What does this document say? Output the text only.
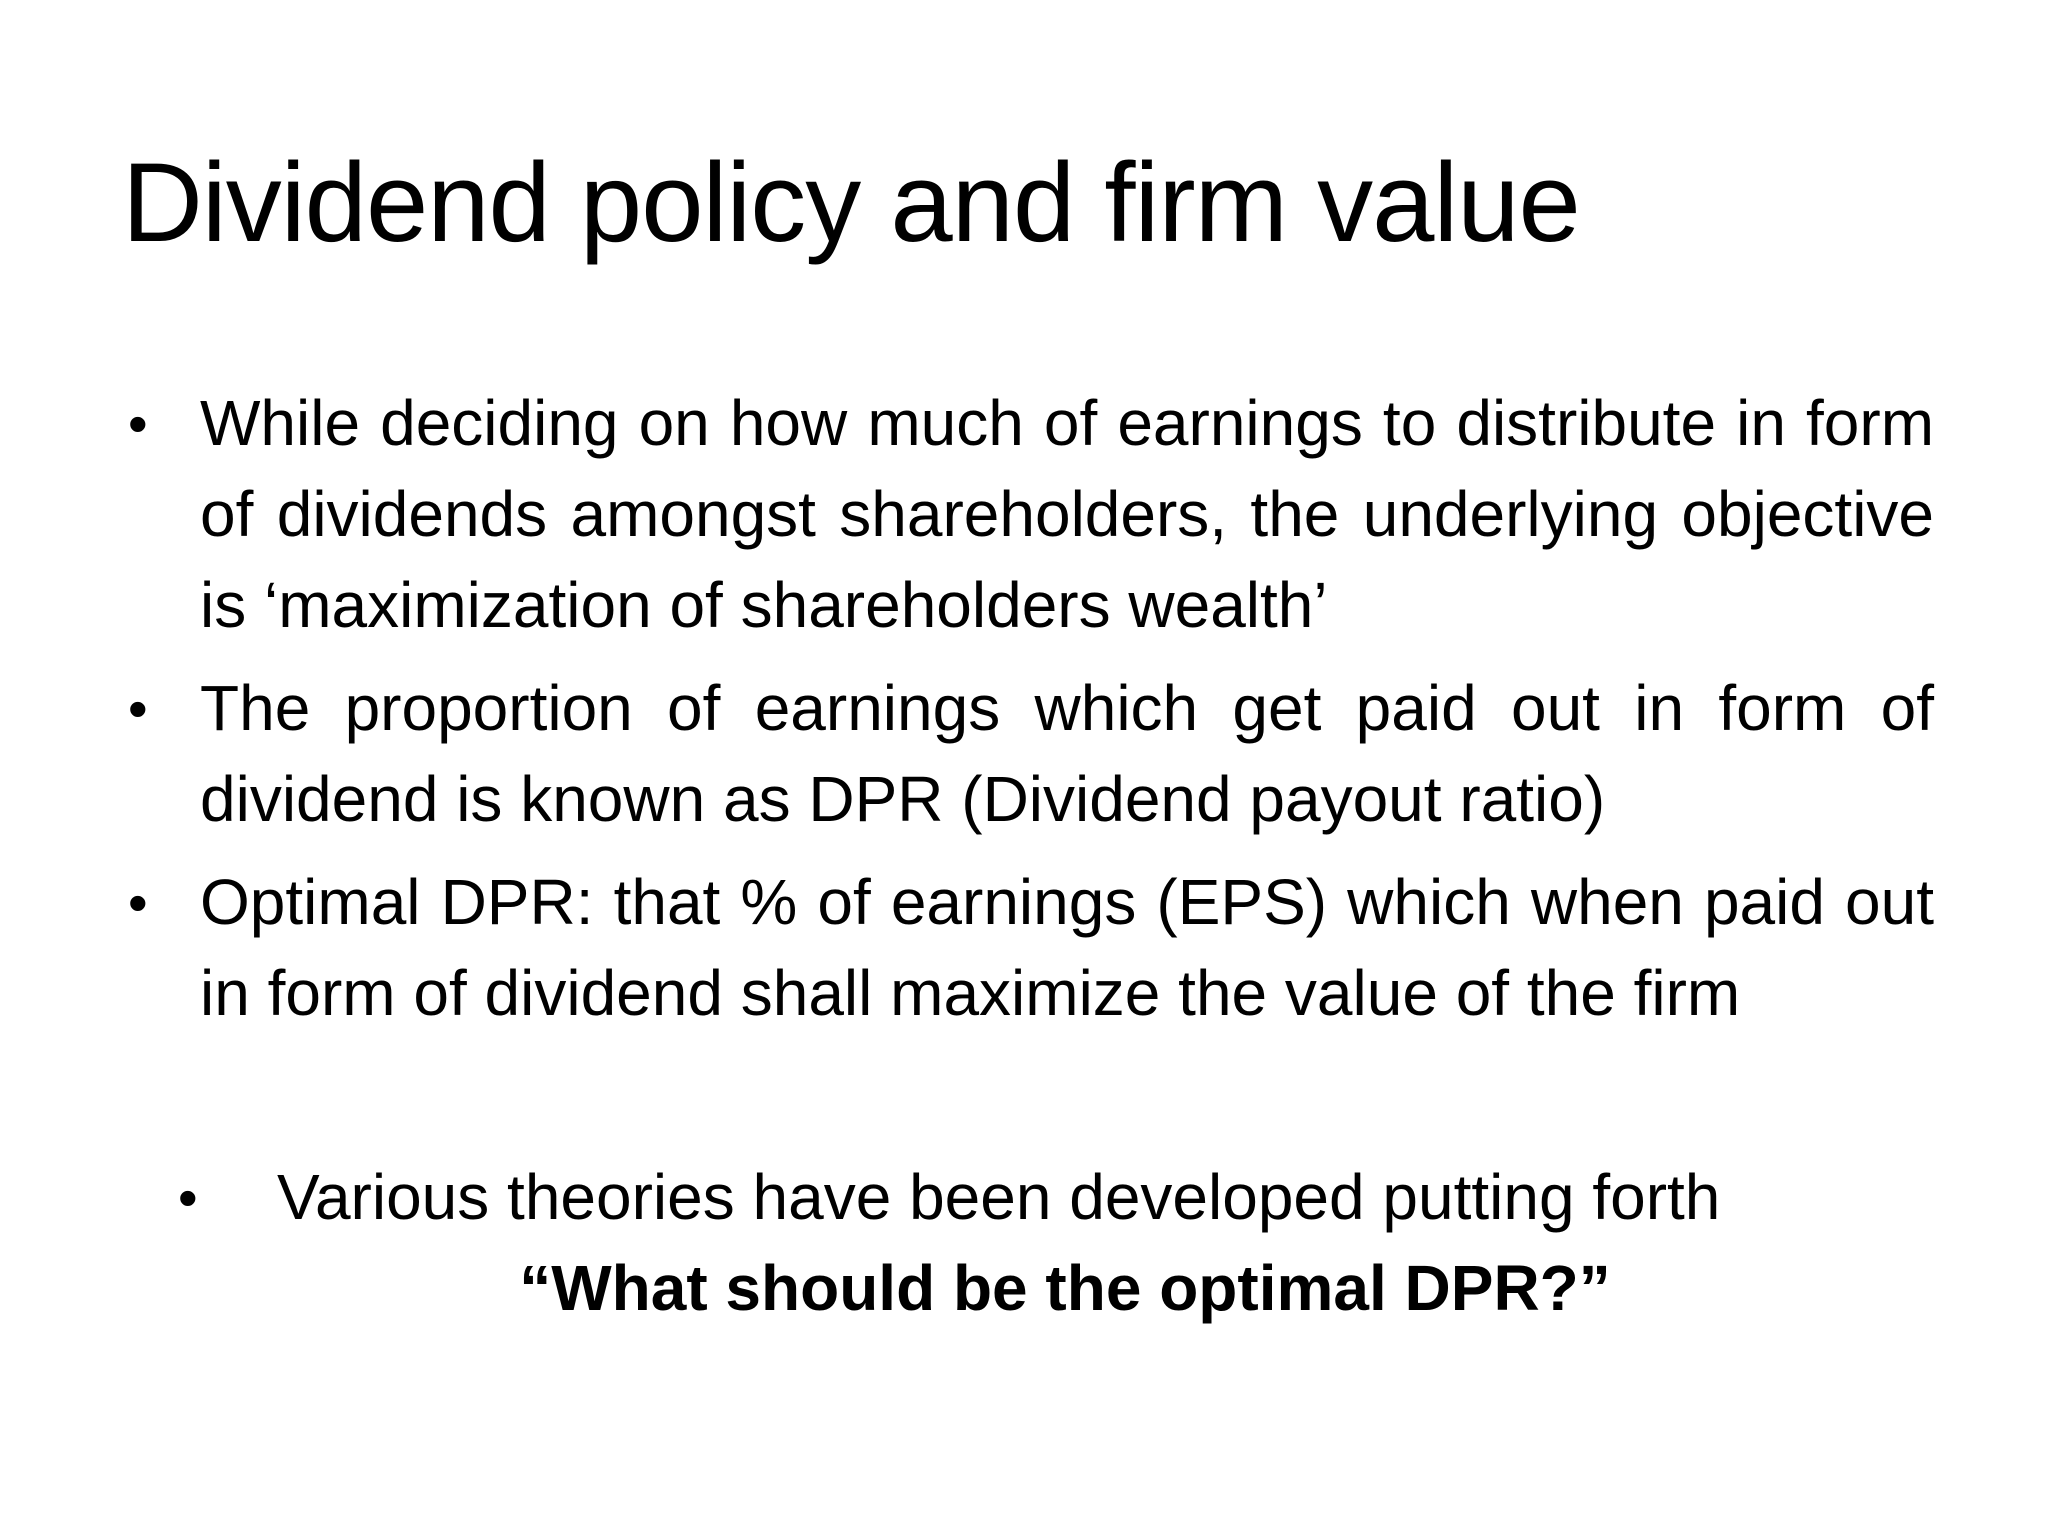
Dividend policy and firm value
• While deciding on how much of earnings to distribute in form of dividends amongst shareholders, the underlying objective is ‘maximization of shareholders wealth’
• The proportion of earnings which get paid out in form of dividend is known as DPR (Dividend payout ratio)
• Optimal DPR: that % of earnings (EPS) which when paid out in form of dividend shall maximize the value of the firm
• Various theories have been developed putting forth
“What should be the optimal DPR?”
